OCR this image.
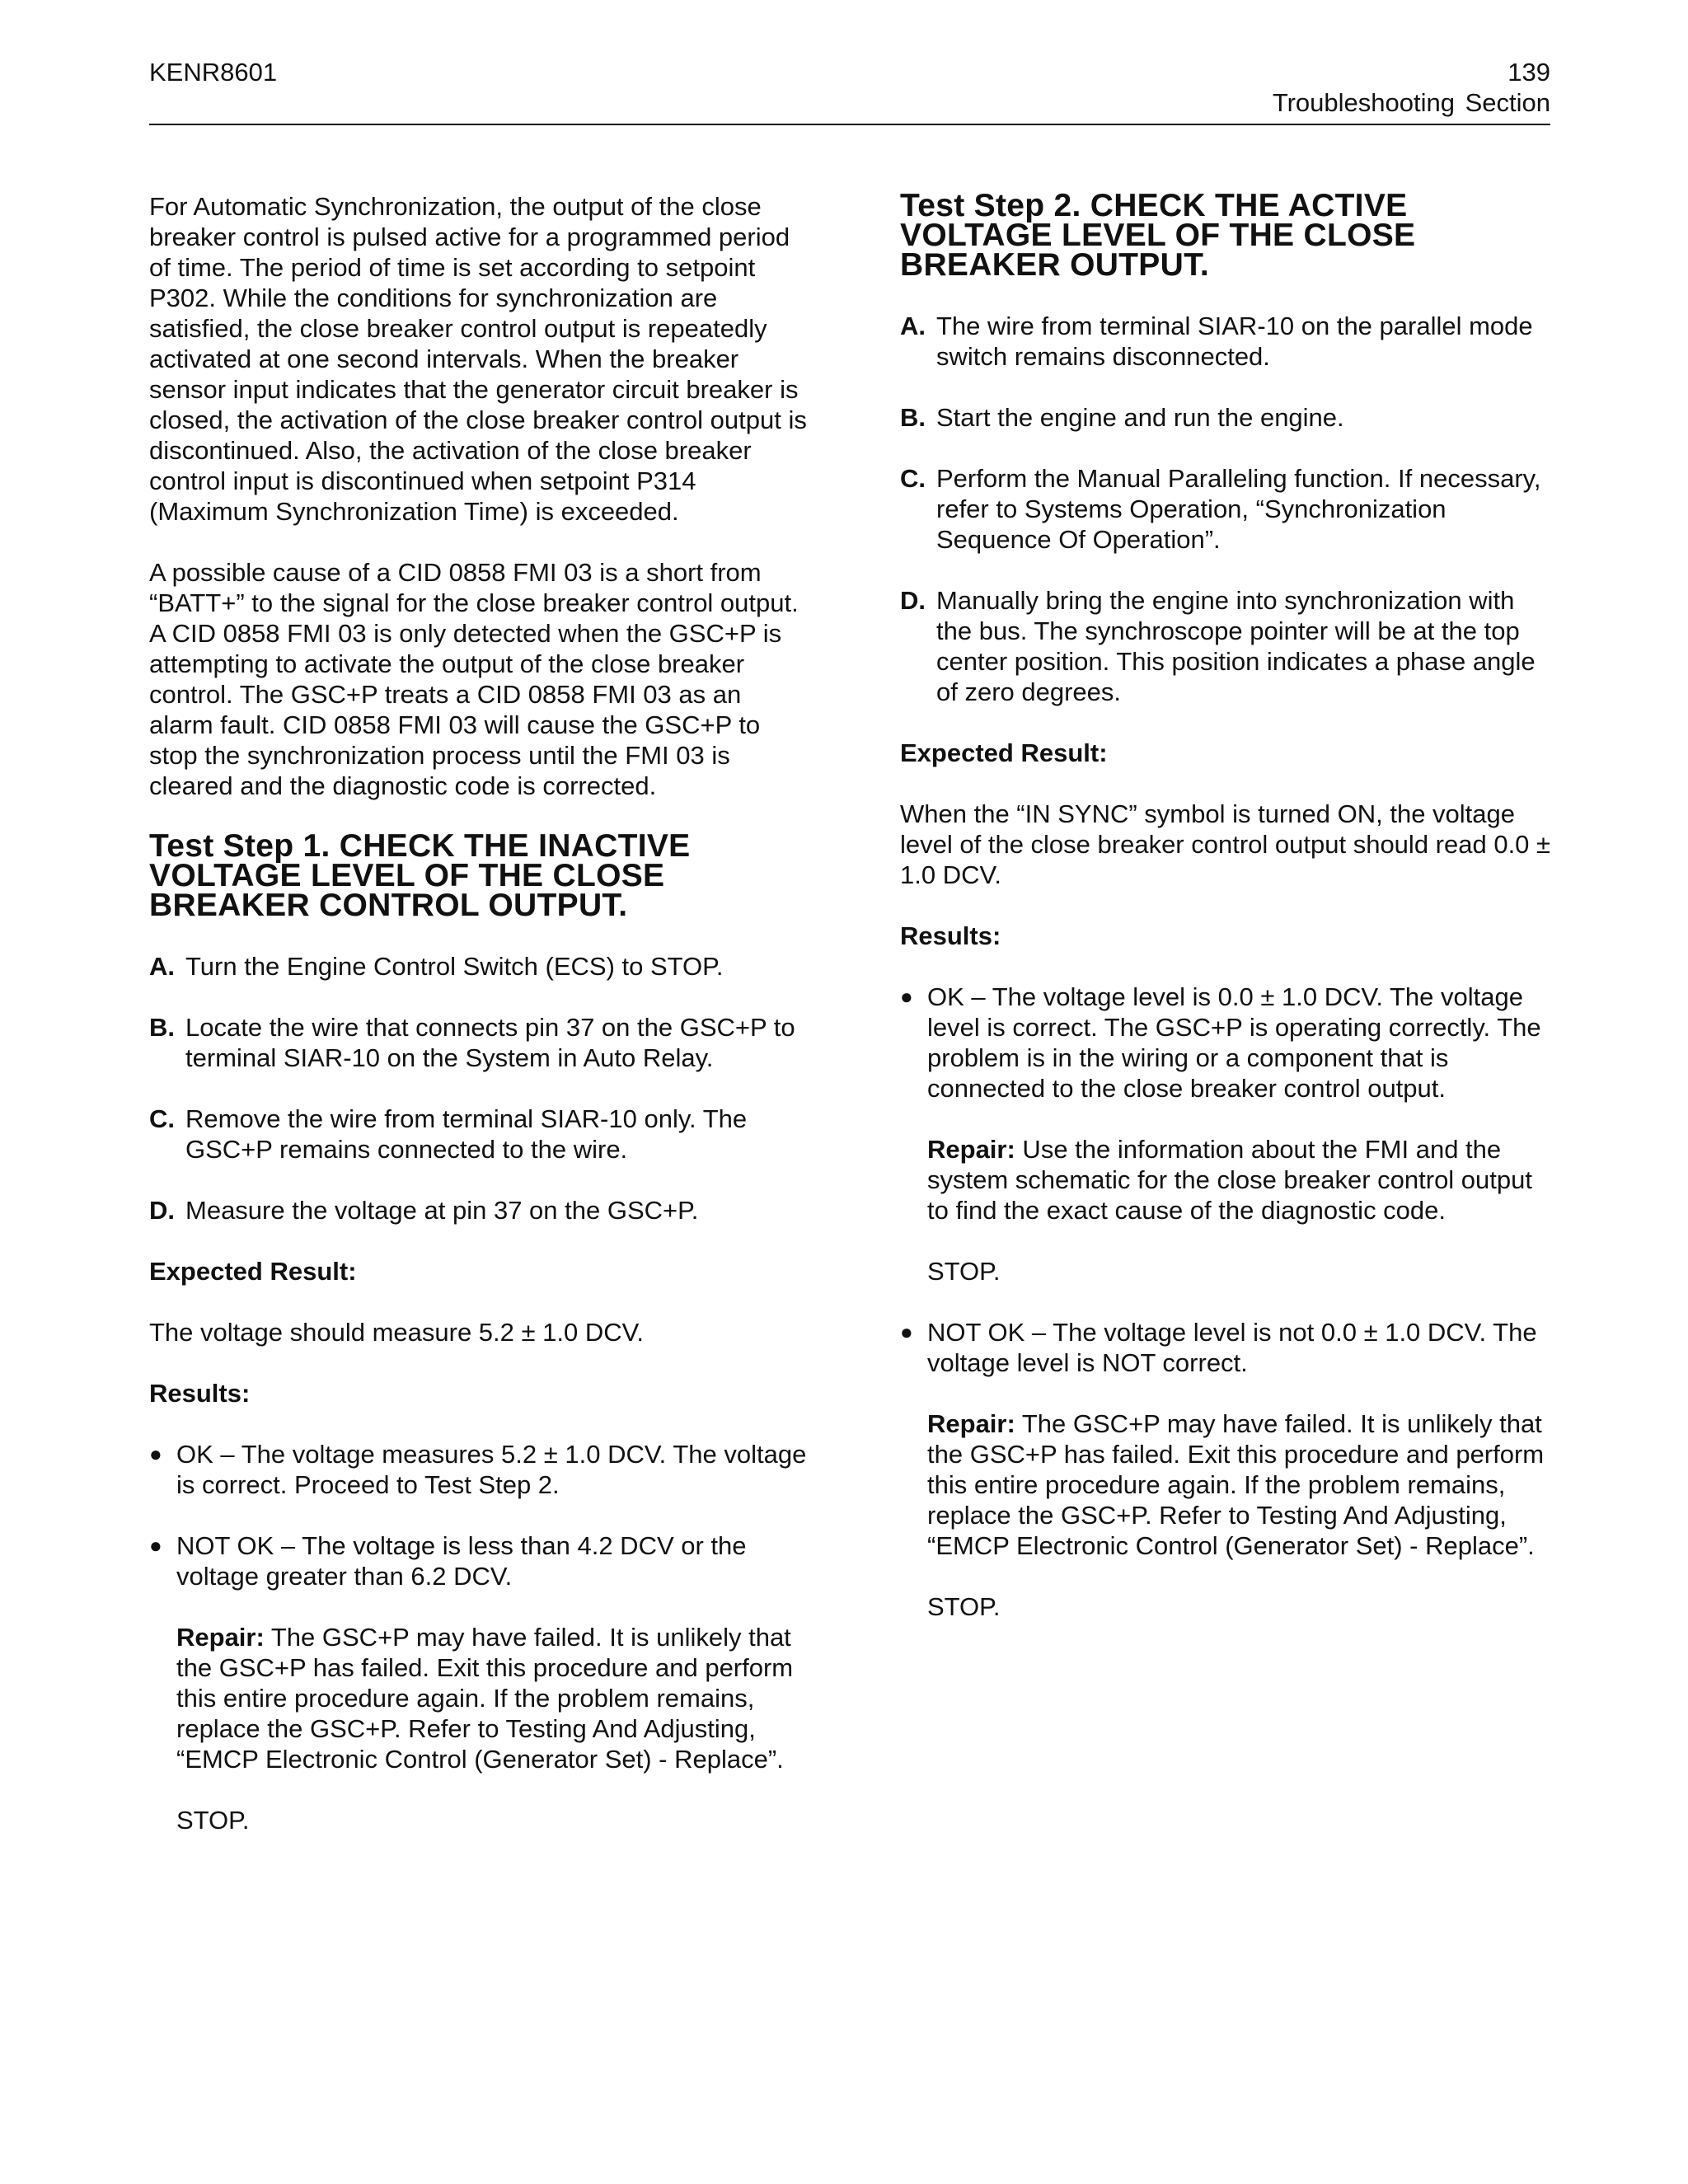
KENR8601	139
Troubleshooting Section

For Automatic Synchronization, the output of the close breaker control is pulsed active for a programmed period of time. The period of time is set according to setpoint P302. While the conditions for synchronization are satisfied, the close breaker control output is repeatedly activated at one second intervals. When the breaker sensor input indicates that the generator circuit breaker is closed, the activation of the close breaker control output is discontinued. Also, the activation of the close breaker control input is discontinued when setpoint P314 (Maximum Synchronization Time) is exceeded.

A possible cause of a CID 0858 FMI 03 is a short from “BATT+” to the signal for the close breaker control output. A CID 0858 FMI 03 is only detected when the GSC+P is attempting to activate the output of the close breaker control. The GSC+P treats a CID 0858 FMI 03 as an alarm fault. CID 0858 FMI 03 will cause the GSC+P to stop the synchronization process until the FMI 03 is cleared and the diagnostic code is corrected.

Test Step 1. CHECK THE INACTIVE VOLTAGE LEVEL OF THE CLOSE BREAKER CONTROL OUTPUT.
A. Turn the Engine Control Switch (ECS) to STOP.
B. Locate the wire that connects pin 37 on the GSC+P to terminal SIAR-10 on the System in Auto Relay.
C. Remove the wire from terminal SIAR-10 only. The GSC+P remains connected to the wire.
D. Measure the voltage at pin 37 on the GSC+P.
Expected Result:

The voltage should measure 5.2 ± 1.0 DCV.

Results:
● OK – The voltage measures 5.2 ± 1.0 DCV. The voltage is correct. Proceed to Test Step 2.
● NOT OK – The voltage is less than 4.2 DCV or the voltage greater than 6.2 DCV.
Repair: The GSC+P may have failed. It is unlikely that the GSC+P has failed. Exit this procedure and perform this entire procedure again. If the problem remains, replace the GSC+P. Refer to Testing And Adjusting, “EMCP Electronic Control (Generator Set) - Replace”.
STOP.
Test Step 2. CHECK THE ACTIVE VOLTAGE LEVEL OF THE CLOSE BREAKER OUTPUT.
A. The wire from terminal SIAR-10 on the parallel mode switch remains disconnected.
B. Start the engine and run the engine.
C. Perform the Manual Paralleling function. If necessary, refer to Systems Operation, “Synchronization Sequence Of Operation”.
D. Manually bring the engine into synchronization with the bus. The synchroscope pointer will be at the top center position. This position indicates a phase angle of zero degrees.
Expected Result:

When the “IN SYNC” symbol is turned ON, the voltage level of the close breaker control output should read 0.0 ± 1.0 DCV.

Results:
● OK – The voltage level is 0.0 ± 1.0 DCV. The voltage level is correct. The GSC+P is operating correctly. The problem is in the wiring or a component that is connected to the close breaker control output.
Repair: Use the information about the FMI and the system schematic for the close breaker control output to find the exact cause of the diagnostic code.
STOP.
● NOT OK – The voltage level is not 0.0 ± 1.0 DCV. The voltage level is NOT correct.
Repair: The GSC+P may have failed. It is unlikely that the GSC+P has failed. Exit this procedure and perform this entire procedure again. If the problem remains, replace the GSC+P. Refer to Testing And Adjusting, “EMCP Electronic Control (Generator Set) - Replace”.
STOP.
